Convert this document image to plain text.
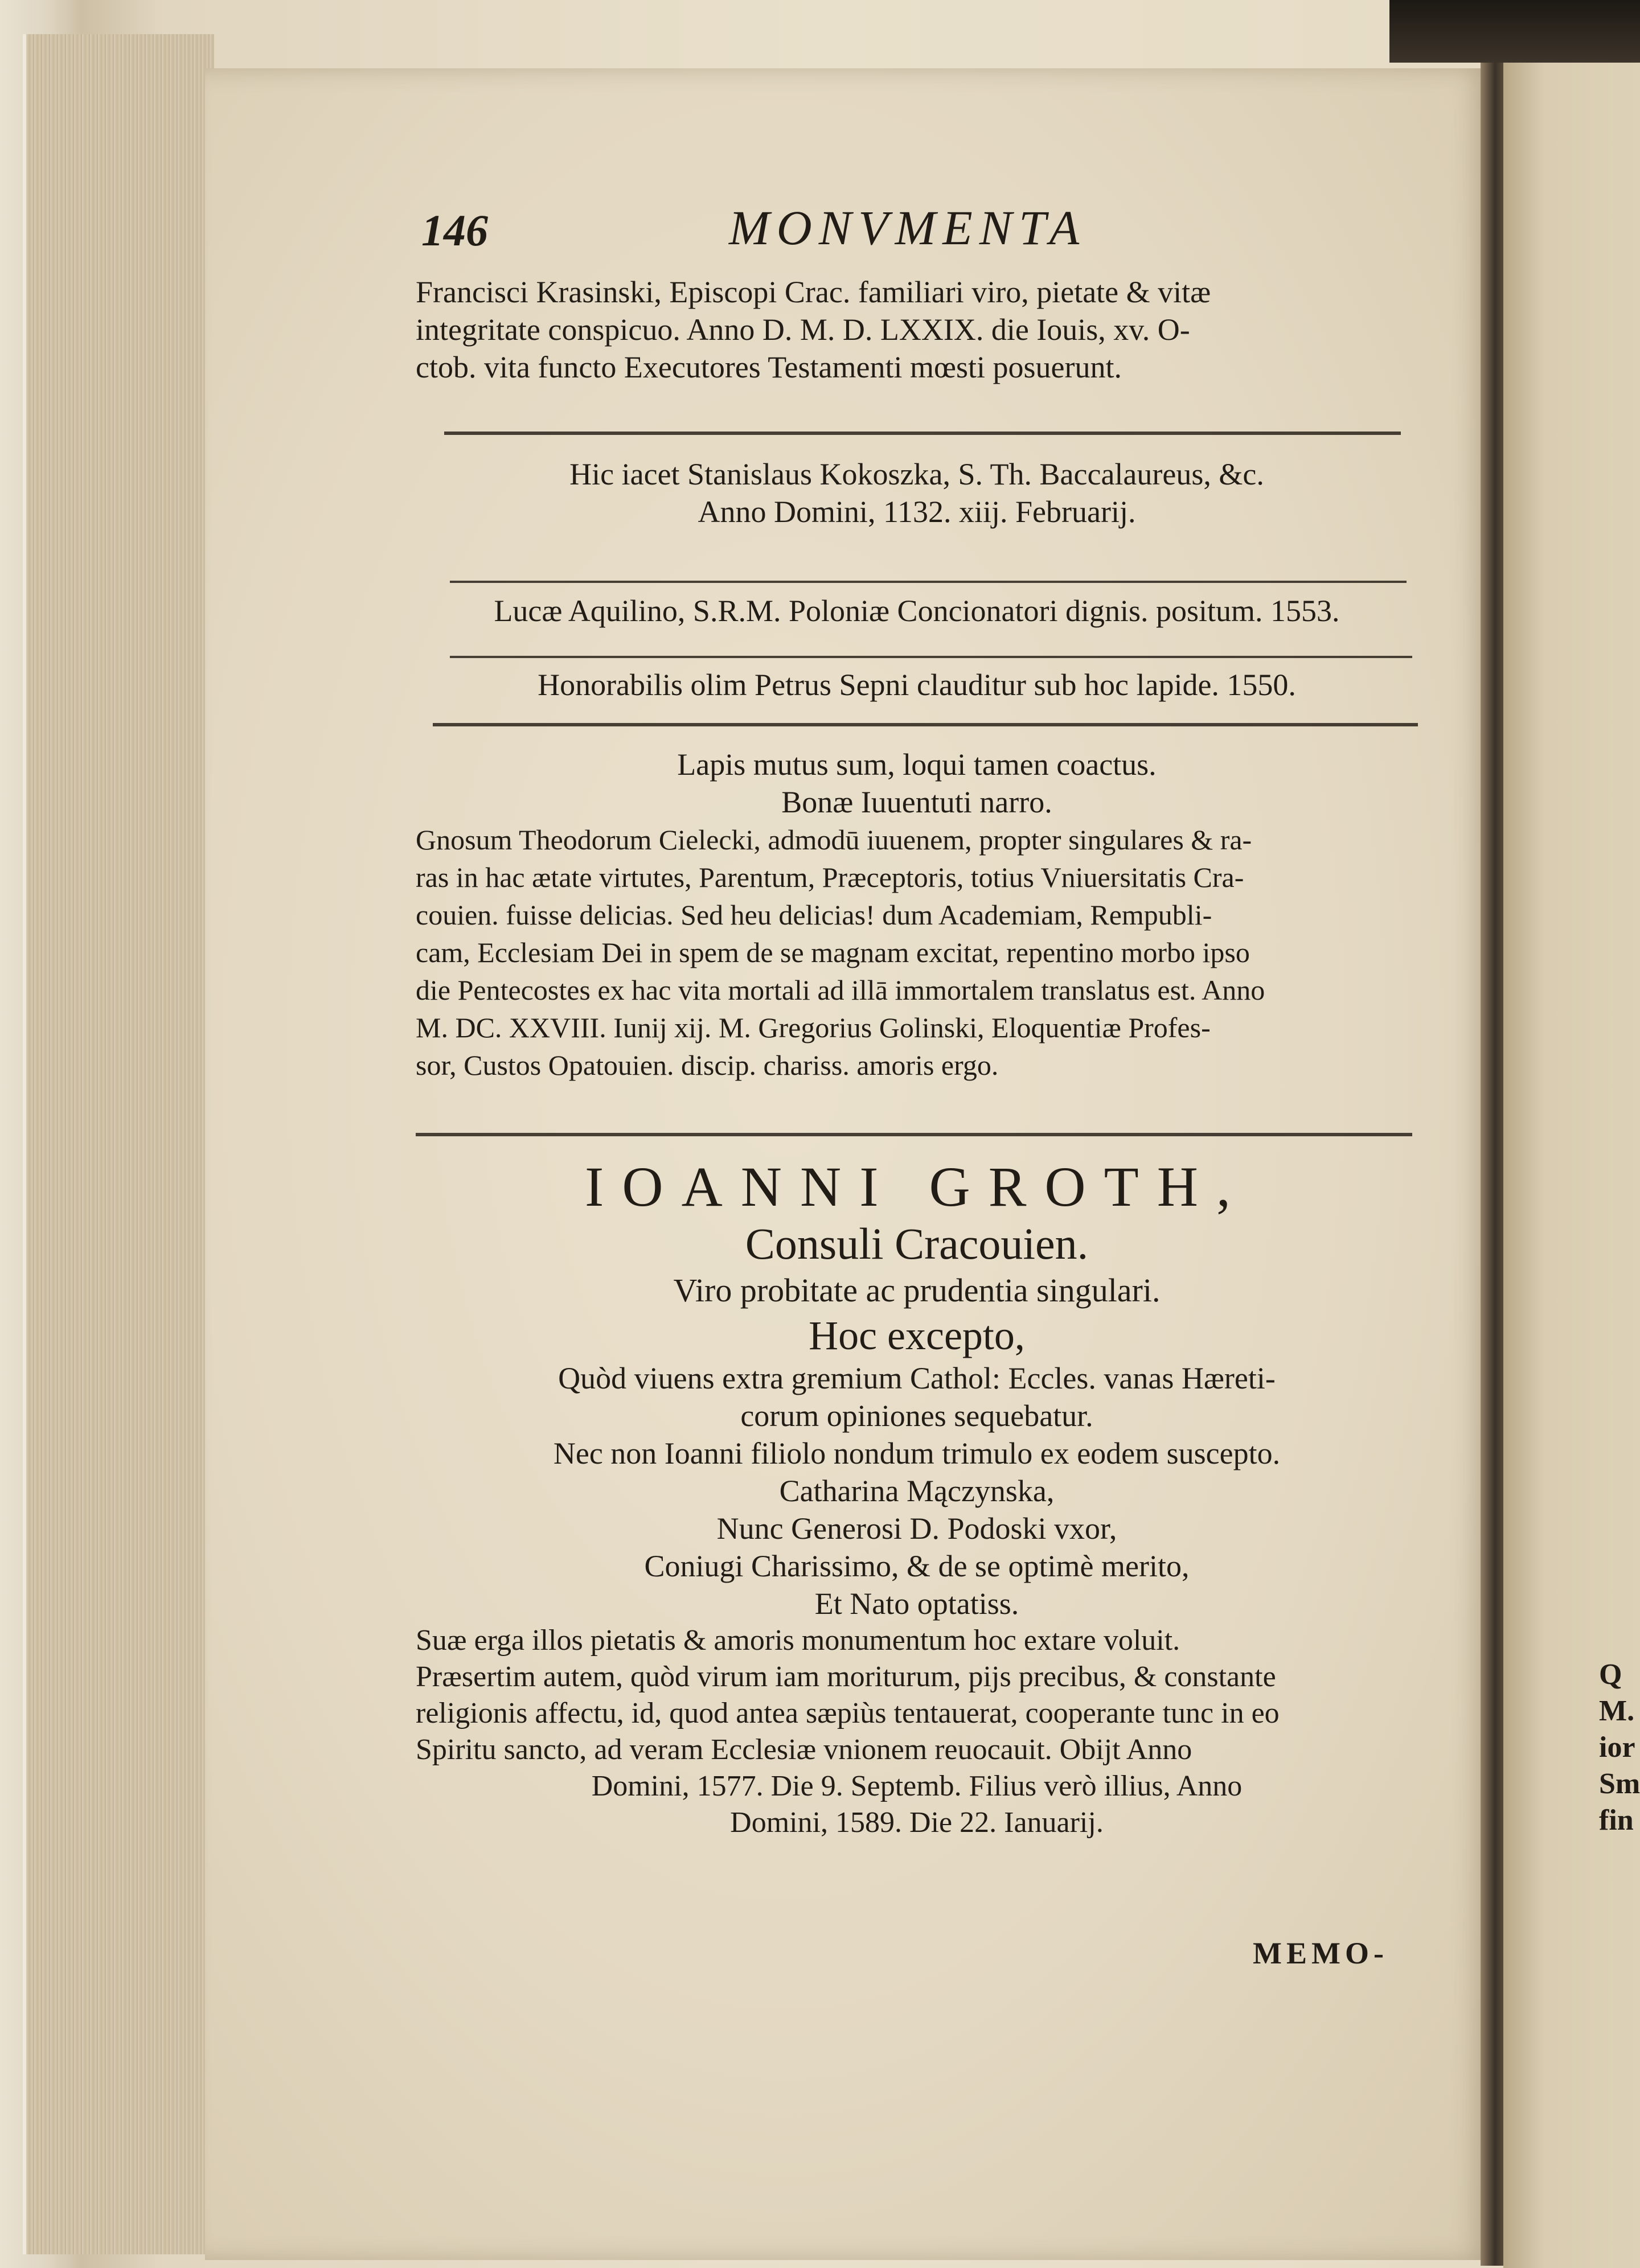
146	MONVMENTA
Francisci Krasinski, Episcopi Crac. familiari viro, pietate & vitæ
integritate conspicuo. Anno D. M. D. LXXIX. die Iouis, xv. O-
ctob. vita functo Executores Testamenti mœsti posuerunt.
Hic iacet Stanislaus Kokoszka, S. Th. Baccalaureus, &c.
Anno Domini, 1132. xiij. Februarij.
Lucæ Aquilino, S.R.M. Poloniæ Concionatori dignis. positum. 1553.
Honorabilis olim Petrus Sepni clauditur sub hoc lapide. 1550.
Lapis mutus sum, loqui tamen coactus.
Bonæ Iuuentuti narro.
Gnosum Theodorum Cielecki, admodū iuuenem, propter singulares & ra-
ras in hac ætate virtutes, Parentum, Præceptoris, totius Vniuersitatis Cra-
couien. fuisse delicias. Sed heu delicias! dum Academiam, Rempubli-
cam, Ecclesiam Dei in spem de se magnam excitat, repentino morbo ipso
die Pentecostes ex hac vita mortali ad illā immortalem translatus est. Anno
M. DC. XXVIII. Iunij xij. M. Gregorius Golinski, Eloquentiæ Profes-
sor, Custos Opatouien. discip. chariss. amoris ergo.
IOANNI GROTH,
Consuli Cracouien.
Viro probitate ac prudentia singulari.
Hoc excepto,
Quòd viuens extra gremium Cathol: Eccles. vanas Hæreti-
corum opiniones sequebatur.
Nec non Ioanni filiolo nondum trimulo ex eodem suscepto.
Catharina Mączynska,
Nunc Generosi D. Podoski vxor,
Coniugi Charissimo, & de se optimè merito,
Et Nato optatiss.
Suæ erga illos pietatis & amoris monumentum hoc extare voluit.
Præsertim autem, quòd virum iam moriturum, pijs precibus, & constante
religionis affectu, id, quod antea sæpiùs tentauerat, cooperante tunc in eo
Spiritu sancto, ad veram Ecclesiæ vnionem reuocauit. Obijt Anno
Domini, 1577. Die 9. Septemb. Filius verò illius, Anno
Domini, 1589. Die 22. Ianuarij.
MEMO-
Q
M.
ior
Sm
fin
